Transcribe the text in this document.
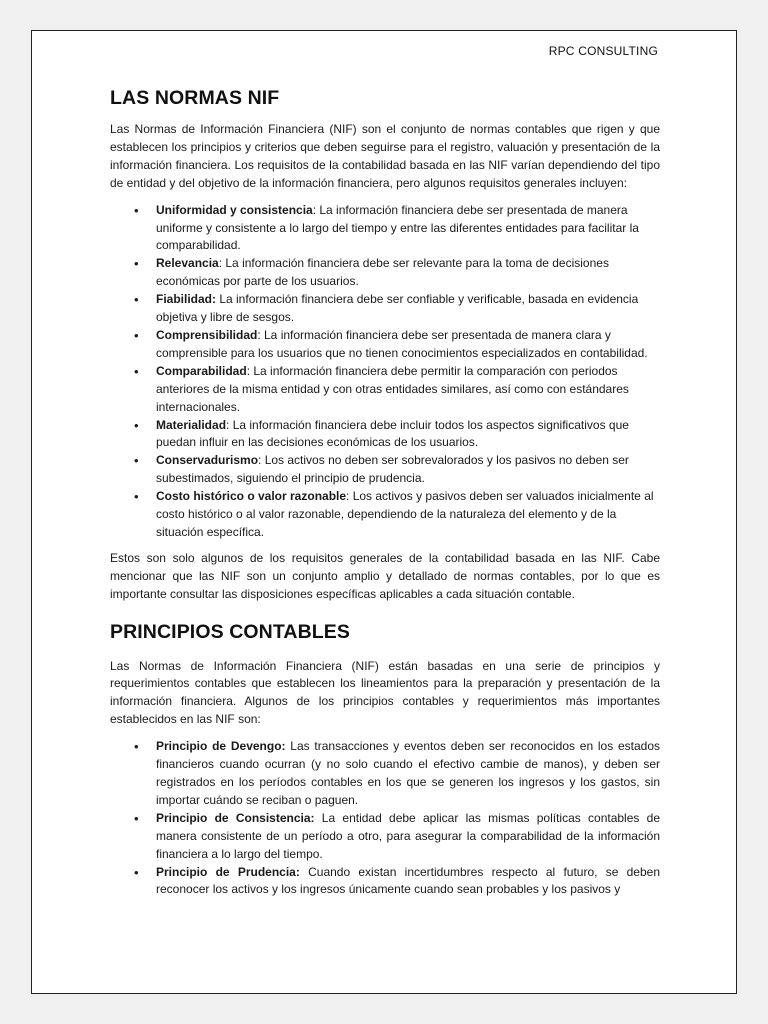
RPC CONSULTING
LAS NORMAS NIF

Las Normas de Información Financiera (NIF) son el conjunto de normas contables que rigen y que establecen los principios y criterios que deben seguirse para el registro, valuación y presentación de la información financiera. Los requisitos de la contabilidad basada en las NIF varían dependiendo del tipo de entidad y del objetivo de la información financiera, pero algunos requisitos generales incluyen:

• Uniformidad y consistencia: La información financiera debe ser presentada de manera uniforme y consistente a lo largo del tiempo y entre las diferentes entidades para facilitar la comparabilidad.
• Relevancia: La información financiera debe ser relevante para la toma de decisiones económicas por parte de los usuarios.
• Fiabilidad: La información financiera debe ser confiable y verificable, basada en evidencia objetiva y libre de sesgos.
• Comprensibilidad: La información financiera debe ser presentada de manera clara y comprensible para los usuarios que no tienen conocimientos especializados en contabilidad.
• Comparabilidad: La información financiera debe permitir la comparación con periodos anteriores de la misma entidad y con otras entidades similares, así como con estándares internacionales.
• Materialidad: La información financiera debe incluir todos los aspectos significativos que puedan influir en las decisiones económicas de los usuarios.
• Conservadurismo: Los activos no deben ser sobrevalorados y los pasivos no deben ser subestimados, siguiendo el principio de prudencia.
• Costo histórico o valor razonable: Los activos y pasivos deben ser valuados inicialmente al costo histórico o al valor razonable, dependiendo de la naturaleza del elemento y de la situación específica.

Estos son solo algunos de los requisitos generales de la contabilidad basada en las NIF. Cabe mencionar que las NIF son un conjunto amplio y detallado de normas contables, por lo que es importante consultar las disposiciones específicas aplicables a cada situación contable.

PRINCIPIOS CONTABLES

Las Normas de Información Financiera (NIF) están basadas en una serie de principios y requerimientos contables que establecen los lineamientos para la preparación y presentación de la información financiera. Algunos de los principios contables y requerimientos más importantes establecidos en las NIF son:

• Principio de Devengo: Las transacciones y eventos deben ser reconocidos en los estados financieros cuando ocurran (y no solo cuando el efectivo cambie de manos), y deben ser registrados en los períodos contables en los que se generen los ingresos y los gastos, sin importar cuándo se reciban o paguen.
• Principio de Consistencia: La entidad debe aplicar las mismas políticas contables de manera consistente de un período a otro, para asegurar la comparabilidad de la información financiera a lo largo del tiempo.
• Principio de Prudencia: Cuando existan incertidumbres respecto al futuro, se deben reconocer los activos y los ingresos únicamente cuando sean probables y los pasivos y
